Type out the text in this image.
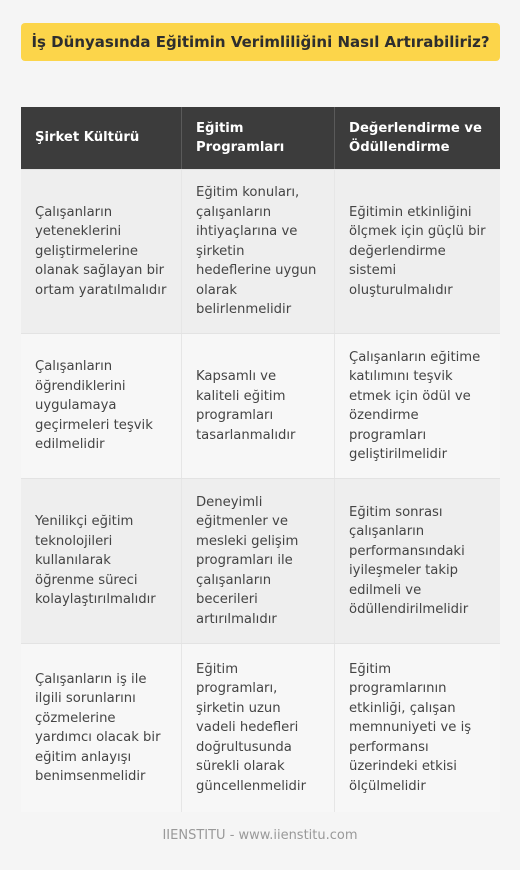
İş Dünyasında Eğitimin Verimliliğini Nasıl Artırabiliriz?
Şirket Kültürü
Eğitim Programları
Değerlendirme ve Ödüllendirme
Çalışanların yeteneklerini geliştirmelerine olanak sağlayan bir ortam yaratılmalıdır
Eğitim konuları, çalışanların ihtiyaçlarına ve şirketin hedeflerine uygun olarak belirlenmelidir
Eğitimin etkinliğini ölçmek için güçlü bir değerlendirme sistemi oluşturulmalıdır
Çalışanların öğrendiklerini uygulamaya geçirmeleri teşvik edilmelidir
Kapsamlı ve kaliteli eğitim programları tasarlanmalıdır
Çalışanların eğitime katılımını teşvik etmek için ödül ve özendirme programları geliştirilmelidir
Yenilikçi eğitim teknolojileri kullanılarak öğrenme süreci kolaylaştırılmalıdır
Deneyimli eğitmenler ve mesleki gelişim programları ile çalışanların becerileri artırılmalıdır
Eğitim sonrası çalışanların performansındaki iyileşmeler takip edilmeli ve ödüllendirilmelidir
Çalışanların iş ile ilgili sorunlarını çözmelerine yardımcı olacak bir eğitim anlayışı benimsenmelidir
Eğitim programları, şirketin uzun vadeli hedefleri doğrultusunda sürekli olarak güncellenmelidir
Eğitim programlarının etkinliği, çalışan memnuniyeti ve iş performansı üzerindeki etkisi ölçülmelidir
IIENSTITU - www.iienstitu.com
